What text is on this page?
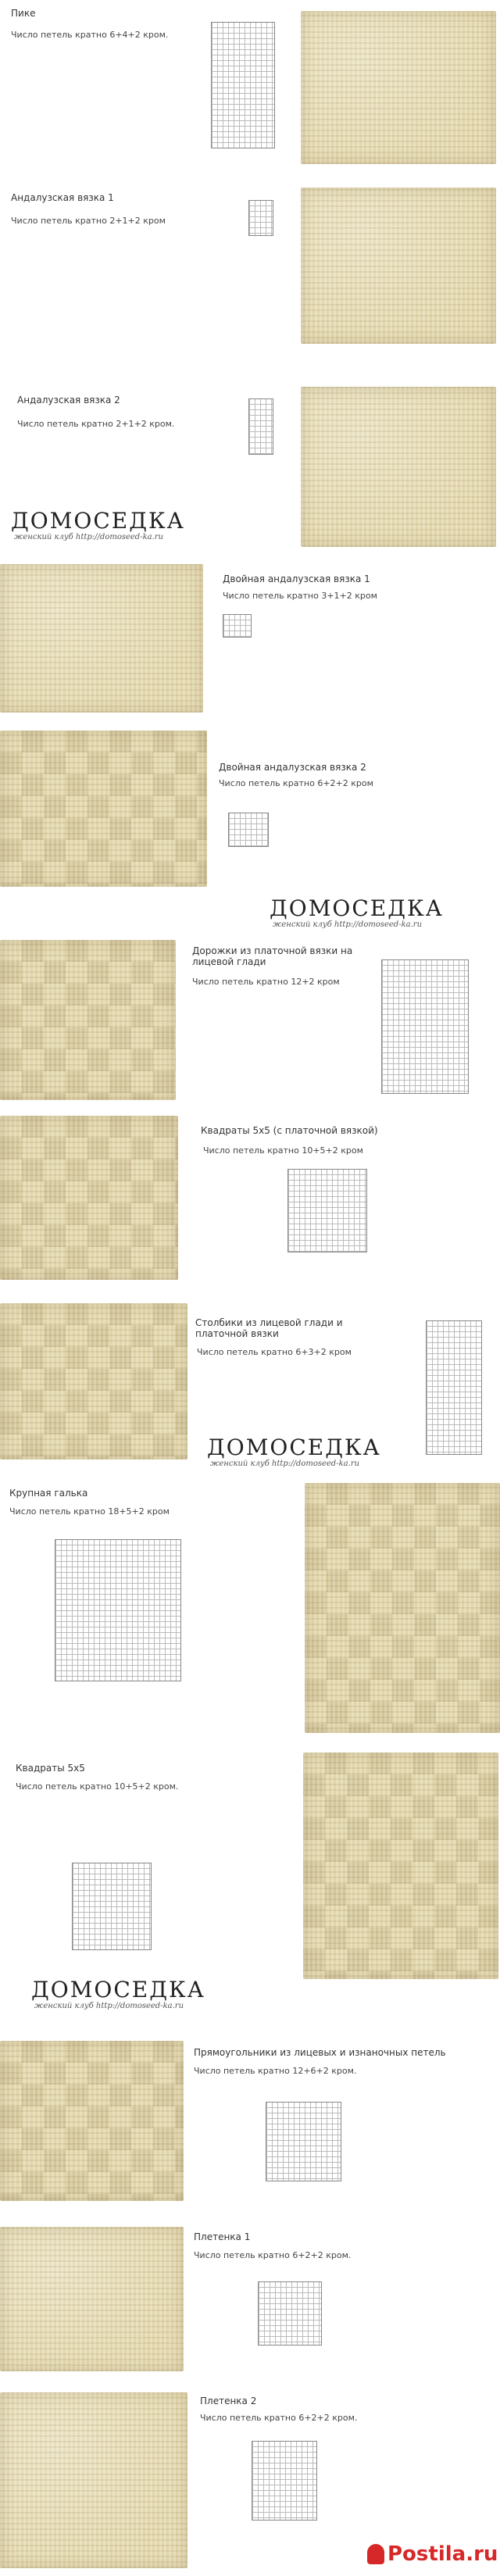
Пике
Число петель кратно 6+4+2 кром.
Андалузская вязка 1
Число петель кратно 2+1+2 кром
Андалузская вязка 2
Число петель кратно 2+1+2 кром.
ДОМОСЕДКА
женский клуб http://domoseed-ka.ru
Двойная андалузская вязка 1
Число петель кратно 3+1+2 кром
Двойная андалузская вязка 2
Число петель кратно 6+2+2 кром
ДОМОСЕДКА
женский клуб http://domoseed-ka.ru
Дорожки из платочной вязки на лицевой глади
Число петель кратно 12+2 кром
Квадраты 5х5 (с платочной вязкой)
Число петель кратно 10+5+2 кром
Столбики из лицевой глади и платочной вязки
Число петель кратно 6+3+2 кром
ДОМОСЕДКА
женский клуб http://domoseed-ka.ru
Крупная галька
Число петель кратно 18+5+2 кром
Квадраты 5х5
Число петель кратно 10+5+2 кром.
ДОМОСЕДКА
женский клуб http://domoseed-ka.ru
Прямоугольники из лицевых и изнаночных петель
Число петель кратно 12+6+2 кром.
Плетенка 1
Число петель кратно 6+2+2 кром.
Плетенка 2
Число петель кратно 6+2+2 кром.
Postila.ru
